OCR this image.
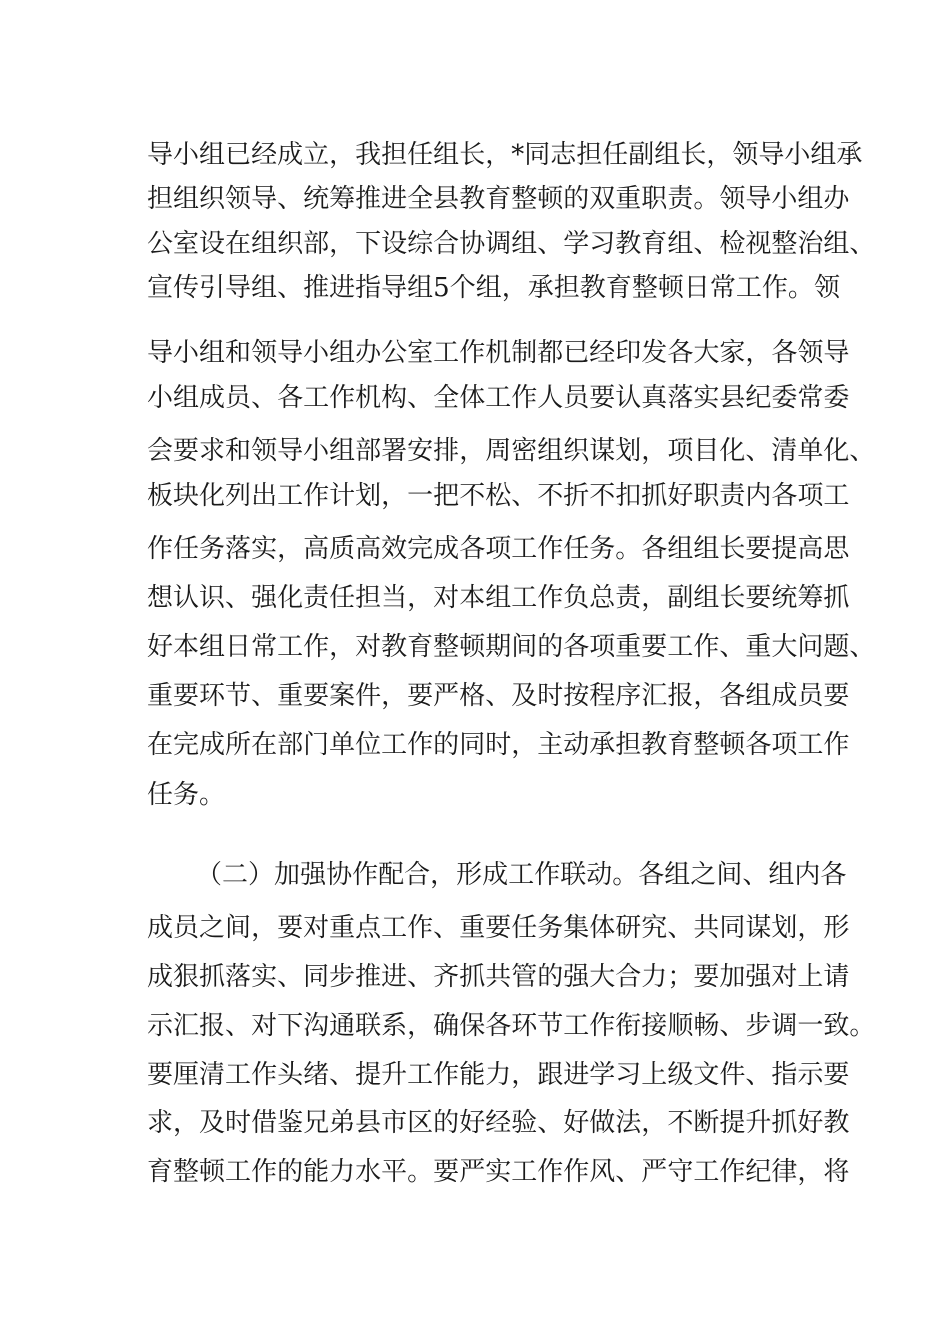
导 小 组 已 经 成 立 ， 我 担 任 组 长 ， * 同 志 担 任 副 组 长 ， 领 导 小 组 承
担 组 织 领 导 、 统 筹 推 进 全 县 教 育 整 顿 的 双 重 职 责 。 领 导 小 组 办
公 室 设 在 组 织 部 ， 下 设 综 合 协 调 组 、 学 习 教 育 组 、 检 视 整 治 组 、
宣 传 引 导 组 、 推 进 指 导 组 5 个 组 ， 承 担 教 育 整 顿 日 常 工 作 。 领
导 小 组 和 领 导 小 组 办 公 室 工 作 机 制 都 已 经 印 发 各 大 家 ， 各 领 导
小 组 成 员 、 各 工 作 机 构 、 全 体 工 作 人 员 要 认 真 落 实 县 纪 委 常 委
会 要 求 和 领 导 小 组 部 署 安 排 ， 周 密 组 织 谋 划 ， 项 目 化 、 清 单 化 、
板 块 化 列 出 工 作 计 划 ， 一 把 不 松 、 不 折 不 扣 抓 好 职 责 内 各 项 工
作 任 务 落 实 ， 高 质 高 效 完 成 各 项 工 作 任 务 。 各 组 组 长 要 提 高 思
想 认 识 、 强 化 责 任 担 当 ， 对 本 组 工 作 负 总 责 ， 副 组 长 要 统 筹 抓
好 本 组 日 常 工 作 ， 对 教 育 整 顿 期 间 的 各 项 重 要 工 作 、 重 大 问 题 、
重 要 环 节 、 重 要 案 件 ， 要 严 格 、 及 时 按 程 序 汇 报 ， 各 组 成 员 要
在 完 成 所 在 部 门 单 位 工 作 的 同 时 ， 主 动 承 担 教 育 整 顿 各 项 工 作
任务。
（ 二 ） 加 强 协 作 配 合 ， 形 成 工 作 联 动 。 各 组 之 间 、 组 内 各
成 员 之 间 ， 要 对 重 点 工 作 、 重 要 任 务 集 体 研 究 、 共 同 谋 划 ， 形
成 狠 抓 落 实 、 同 步 推 进 、 齐 抓 共 管 的 强 大 合 力 ； 要 加 强 对 上 请
示 汇 报 、 对 下 沟 通 联 系 ， 确 保 各 环 节 工 作 衔 接 顺 畅 、 步 调 一 致 。
要 厘 清 工 作 头 绪 、 提 升 工 作 能 力 ， 跟 进 学 习 上 级 文 件 、 指 示 要
求 ， 及 时 借 鉴 兄 弟 县 市 区 的 好 经 验 、 好 做 法 ， 不 断 提 升 抓 好 教
育 整 顿 工 作 的 能 力 水 平 。 要 严 实 工 作 作 风 、 严 守 工 作 纪 律 ， 将
